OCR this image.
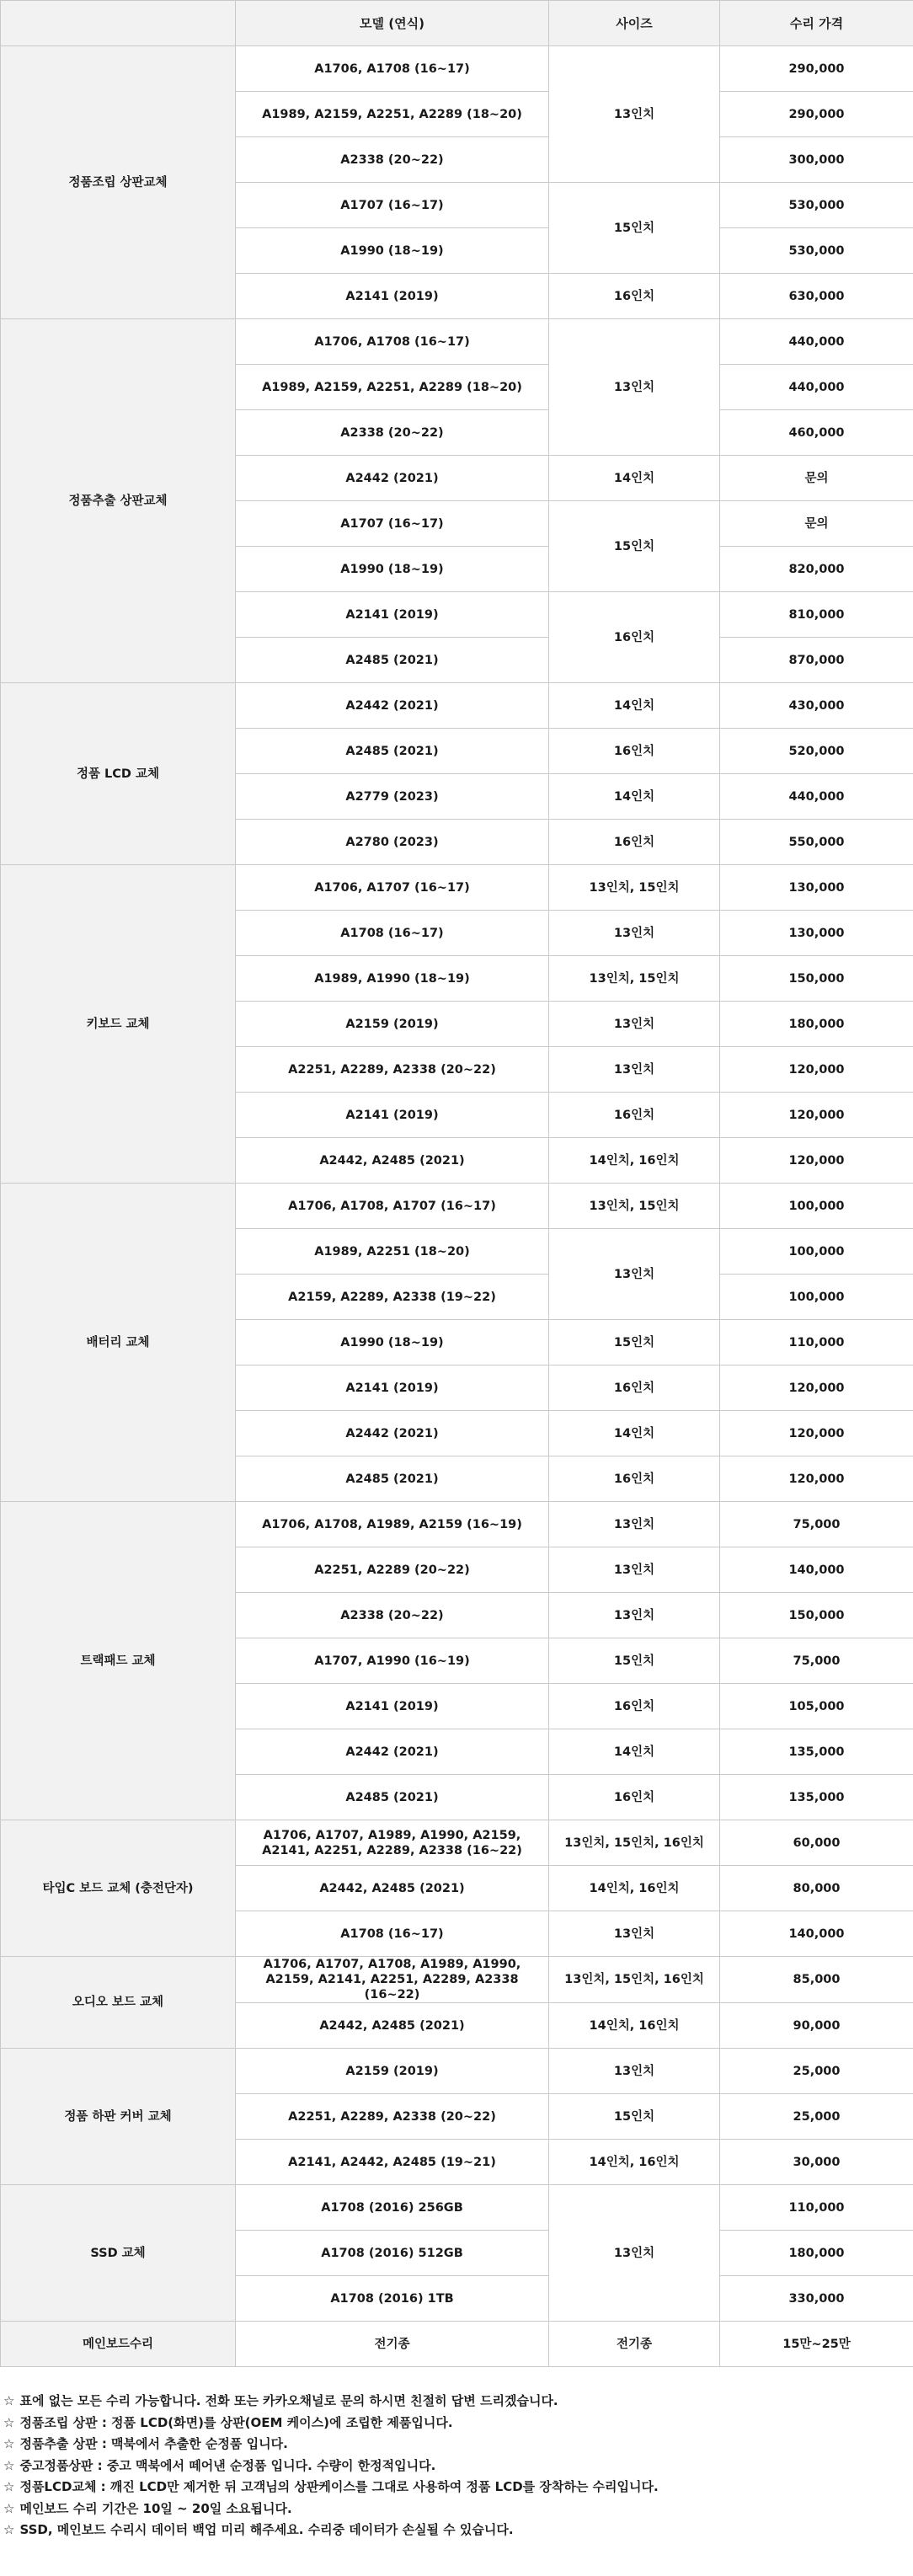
	모델 (연식)	사이즈	수리 가격
정품조립 상판교체	A1706, A1708 (16~17)	13인치	290,000
	A1989, A2159, A2251, A2289 (18~20)		290,000
	A2338 (20~22)		300,000
	A1707 (16~17)	15인치	530,000
	A1990 (18~19)		530,000
	A2141 (2019)	16인치	630,000
정품추출 상판교체	A1706, A1708 (16~17)	13인치	440,000
	A1989, A2159, A2251, A2289 (18~20)		440,000
	A2338 (20~22)		460,000
	A2442 (2021)	14인치	문의
	A1707 (16~17)	15인치	문의
	A1990 (18~19)		820,000
	A2141 (2019)	16인치	810,000
	A2485 (2021)		870,000
정품 LCD 교체	A2442 (2021)	14인치	430,000
	A2485 (2021)	16인치	520,000
	A2779 (2023)	14인치	440,000
	A2780 (2023)	16인치	550,000
키보드 교체	A1706, A1707 (16~17)	13인치, 15인치	130,000
	A1708 (16~17)	13인치	130,000
	A1989, A1990 (18~19)	13인치, 15인치	150,000
	A2159 (2019)	13인치	180,000
	A2251, A2289, A2338 (20~22)	13인치	120,000
	A2141 (2019)	16인치	120,000
	A2442, A2485 (2021)	14인치, 16인치	120,000
배터리 교체	A1706, A1708, A1707 (16~17)	13인치, 15인치	100,000
	A1989, A2251 (18~20)	13인치	100,000
	A2159, A2289, A2338 (19~22)		100,000
	A1990 (18~19)	15인치	110,000
	A2141 (2019)	16인치	120,000
	A2442 (2021)	14인치	120,000
	A2485 (2021)	16인치	120,000
트랙패드 교체	A1706, A1708, A1989, A2159 (16~19)	13인치	75,000
	A2251, A2289 (20~22)	13인치	140,000
	A2338 (20~22)	13인치	150,000
	A1707, A1990 (16~19)	15인치	75,000
	A2141 (2019)	16인치	105,000
	A2442 (2021)	14인치	135,000
	A2485 (2021)	16인치	135,000
타입C 보드 교체 (충전단자)	A1706, A1707, A1989, A1990, A2159, A2141, A2251, A2289, A2338 (16~22)	13인치, 15인치, 16인치	60,000
	A2442, A2485 (2021)	14인치, 16인치	80,000
	A1708 (16~17)	13인치	140,000
오디오 보드 교체	A1706, A1707, A1708, A1989, A1990, A2159, A2141, A2251, A2289, A2338 (16~22)	13인치, 15인치, 16인치	85,000
	A2442, A2485 (2021)	14인치, 16인치	90,000
정품 하판 커버 교체	A2159 (2019)	13인치	25,000
	A2251, A2289, A2338 (20~22)	15인치	25,000
	A2141, A2442, A2485 (19~21)	14인치, 16인치	30,000
SSD 교체	A1708 (2016) 256GB	13인치	110,000
	A1708 (2016) 512GB		180,000
	A1708 (2016) 1TB		330,000
메인보드수리	전기종	전기종	15만~25만
☆ 표에 없는 모든 수리 가능합니다. 전화 또는 카카오채널로 문의 하시면 친절히 답변 드리겠습니다.
☆ 정품조립 상판 : 정품 LCD(화면)를 상판(OEM 케이스)에 조립한 제품입니다.
☆ 정품추출 상판 : 맥북에서 추출한 순정품 입니다.
☆ 중고정품상판 : 중고 맥북에서 떼어낸 순정품 입니다. 수량이 한정적입니다.
☆ 정품LCD교체 : 깨진 LCD만 제거한 뒤 고객님의 상판케이스를 그대로 사용하여 정품 LCD를 장착하는 수리입니다.
☆ 메인보드 수리 기간은 10일 ~ 20일 소요됩니다.
☆ SSD, 메인보드 수리시 데이터 백업 미리 해주세요. 수리중 데이터가 손실될 수 있습니다.
